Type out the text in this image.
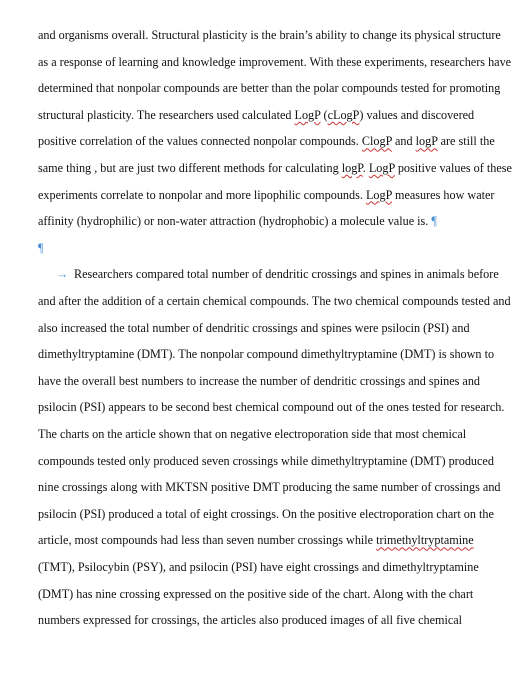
and organisms overall. Structural plasticity is the brain’s ability to change its physical structure
as a response of learning and knowledge improvement. With these experiments, researchers have
determined that nonpolar compounds are better than the polar compounds tested for promoting
structural plasticity. The researchers used calculated LogP (cLogP) values and discovered
positive correlation of the values connected nonpolar compounds. ClogP and logP are still the
same thing , but are just two different methods for calculating logP. LogP positive values of these
experiments correlate to nonpolar and more lipophilic compounds. LogP measures how water
affinity (hydrophilic) or non-water attraction (hydrophobic) a molecule value is. ¶
¶
→ Researchers compared total number of dendritic crossings and spines in animals before
and after the addition of a certain chemical compounds. The two chemical compounds tested and
also increased the total number of dendritic crossings and spines were psilocin (PSI) and
dimethyltryptamine (DMT). The nonpolar compound dimethyltryptamine (DMT) is shown to
have the overall best numbers to increase the number of dendritic crossings and spines and
psilocin (PSI) appears to be second best chemical compound out of the ones tested for research.
The charts on the article shown that on negative electroporation side that most chemical
compounds tested only produced seven crossings while dimethyltryptamine (DMT) produced
nine crossings along with MKTSN positive DMT producing the same number of crossings and
psilocin (PSI) produced a total of eight crossings. On the positive electroporation chart on the
article, most compounds had less than seven number crossings while trimethyltryptamine
(TMT), Psilocybin (PSY), and psilocin (PSI) have eight crossings and dimethyltryptamine
(DMT) has nine crossing expressed on the positive side of the chart. Along with the chart
numbers expressed for crossings, the articles also produced images of all five chemical
